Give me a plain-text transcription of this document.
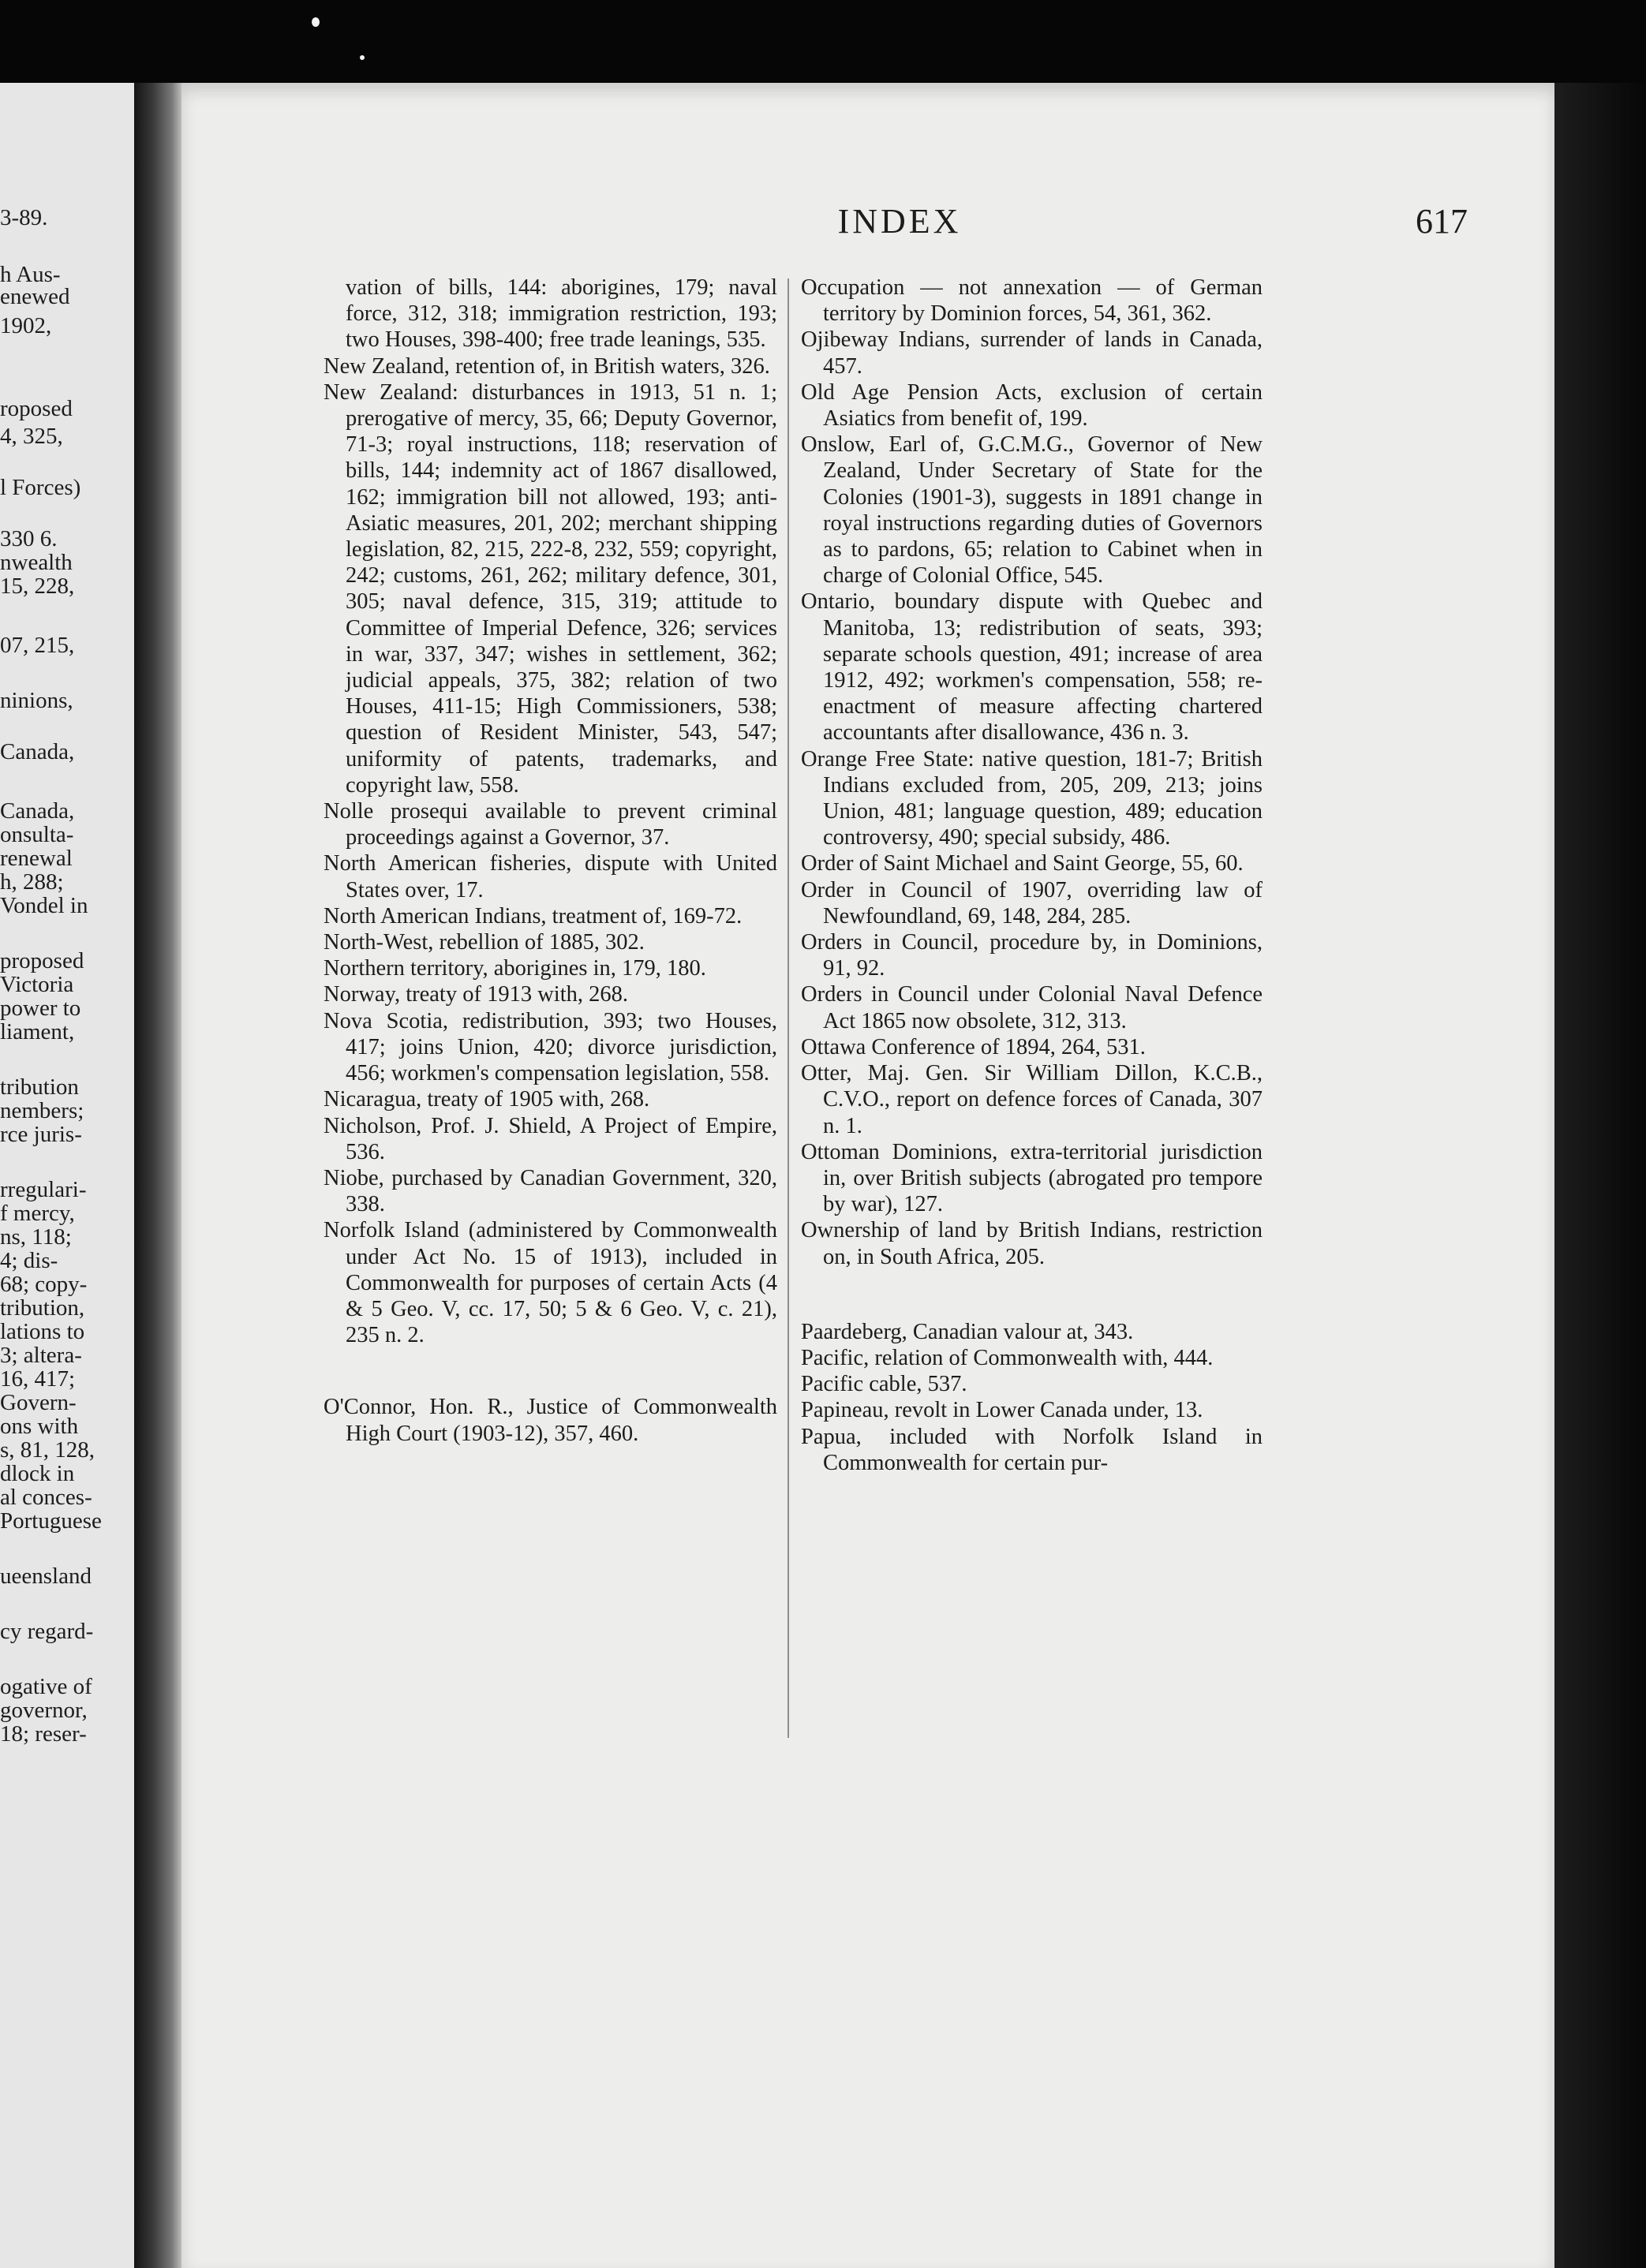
3-89.
h Aus-
enewed
1902,
roposed
4, 325,
l Forces)
330 6.
nwealth
15, 228,
07, 215,
ninions,
Canada,
Canada,
onsulta-
renewal
h, 288;
Vondel in
proposed
Victoria
power to
liament,
tribution
nembers;
rce juris-
rregulari-
f mercy,
ns, 118;
4; dis-
68; copy-
tribution,
lations to
3; altera-
16, 417;
Govern-
ons with
s, 81, 128,
dlock in
al conces-
Portuguese
ueensland
cy regard-
ogative of
governor,
18; reser-
INDEX	617
vation of bills, 144: aborigines, 179; naval force, 312, 318; immigration restriction, 193; two Houses, 398-400; free trade leanings, 535.
New Zealand, retention of, in British waters, 326.
New Zealand: disturbances in 1913, 51 n. 1; prerogative of mercy, 35, 66; Deputy Governor, 71-3; royal instructions, 118; reservation of bills, 144; indemnity act of 1867 disallowed, 162; immigration bill not allowed, 193; anti-Asiatic measures, 201, 202; merchant shipping legislation, 82, 215, 222-8, 232, 559; copyright, 242; customs, 261, 262; military defence, 301, 305; naval defence, 315, 319; attitude to Committee of Imperial Defence, 326; services in war, 337, 347; wishes in settlement, 362; judicial appeals, 375, 382; relation of two Houses, 411-15; High Commissioners, 538; question of Resident Minister, 543, 547; uniformity of patents, trademarks, and copyright law, 558.
Nolle prosequi available to prevent criminal proceedings against a Governor, 37.
North American fisheries, dispute with United States over, 17.
North American Indians, treatment of, 169-72.
North-West, rebellion of 1885, 302.
Northern territory, aborigines in, 179, 180.
Norway, treaty of 1913 with, 268.
Nova Scotia, redistribution, 393; two Houses, 417; joins Union, 420; divorce jurisdiction, 456; workmen's compensation legislation, 558.
Nicaragua, treaty of 1905 with, 268.
Nicholson, Prof. J. Shield, A Project of Empire, 536.
Niobe, purchased by Canadian Government, 320, 338.
Norfolk Island (administered by Commonwealth under Act No. 15 of 1913), included in Commonwealth for purposes of certain Acts (4 & 5 Geo. V, cc. 17, 50; 5 & 6 Geo. V, c. 21), 235 n. 2.
O'Connor, Hon. R., Justice of Commonwealth High Court (1903-12), 357, 460.
Occupation — not annexation — of German territory by Dominion forces, 54, 361, 362.
Ojibeway Indians, surrender of lands in Canada, 457.
Old Age Pension Acts, exclusion of certain Asiatics from benefit of, 199.
Onslow, Earl of, G.C.M.G., Governor of New Zealand, Under Secretary of State for the Colonies (1901-3), suggests in 1891 change in royal instructions regarding duties of Governors as to pardons, 65; relation to Cabinet when in charge of Colonial Office, 545.
Ontario, boundary dispute with Quebec and Manitoba, 13; redistribution of seats, 393; separate schools question, 491; increase of area 1912, 492; workmen's compensation, 558; re-enactment of measure affecting chartered accountants after disallowance, 436 n. 3.
Orange Free State: native question, 181-7; British Indians excluded from, 205, 209, 213; joins Union, 481; language question, 489; education controversy, 490; special subsidy, 486.
Order of Saint Michael and Saint George, 55, 60.
Order in Council of 1907, overriding law of Newfoundland, 69, 148, 284, 285.
Orders in Council, procedure by, in Dominions, 91, 92.
Orders in Council under Colonial Naval Defence Act 1865 now obsolete, 312, 313.
Ottawa Conference of 1894, 264, 531.
Otter, Maj. Gen. Sir William Dillon, K.C.B., C.V.O., report on defence forces of Canada, 307 n. 1.
Ottoman Dominions, extra-territorial jurisdiction in, over British subjects (abrogated pro tempore by war), 127.
Ownership of land by British Indians, restriction on, in South Africa, 205.
Paardeberg, Canadian valour at, 343.
Pacific, relation of Commonwealth with, 444.
Pacific cable, 537.
Papineau, revolt in Lower Canada under, 13.
Papua, included with Norfolk Island in Commonwealth for certain pur-
